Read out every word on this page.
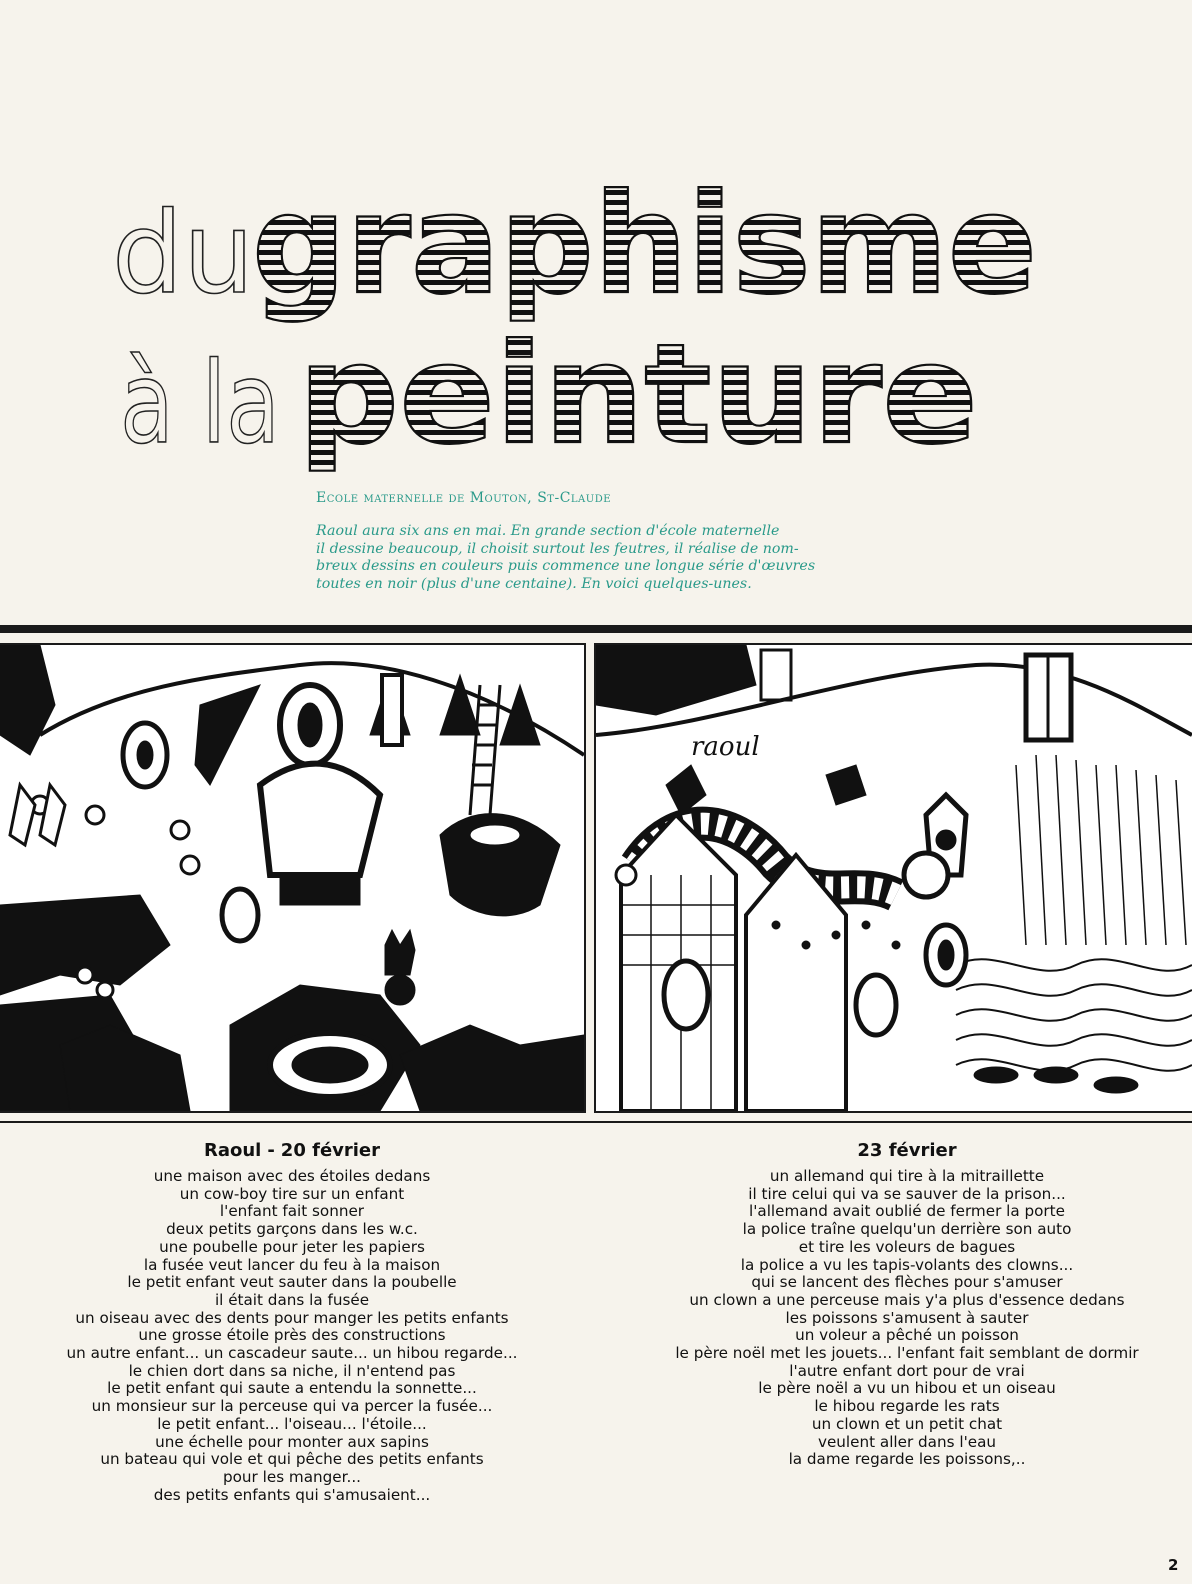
du
graphisme
à la peinture
Ecole maternelle de Mouton, St-Claude
Raoul aura six ans en mai. En grande section d'école maternelle
il dessine beaucoup, il choisit surtout les feutres, il réalise de nom-
breux dessins en couleurs puis commence une longue série d'œuvres
toutes en noir (plus d'une centaine). En voici quelques-unes.
raoul
Raoul - 20 février
une maison avec des étoiles dedans
un cow-boy tire sur un enfant
l'enfant fait sonner
deux petits garçons dans les w.c.
une poubelle pour jeter les papiers
la fusée veut lancer du feu à la maison
le petit enfant veut sauter dans la poubelle
il était dans la fusée
un oiseau avec des dents pour manger les petits enfants
une grosse étoile près des constructions
un autre enfant... un cascadeur saute... un hibou regarde...
le chien dort dans sa niche, il n'entend pas
le petit enfant qui saute a entendu la sonnette...
un monsieur sur la perceuse qui va percer la fusée...
le petit enfant... l'oiseau... l'étoile...
une échelle pour monter aux sapins
un bateau qui vole et qui pêche des petits enfants
pour les manger...
des petits enfants qui s'amusaient...
23 février
un allemand qui tire à la mitraillette
il tire celui qui va se sauver de la prison...
l'allemand avait oublié de fermer la porte
la police traîne quelqu'un derrière son auto
et tire les voleurs de bagues
la police a vu les tapis-volants des clowns...
qui se lancent des flèches pour s'amuser
un clown a une perceuse mais y'a plus d'essence dedans
les poissons s'amusent à sauter
un voleur a pêché un poisson
le père noël met les jouets... l'enfant fait semblant de dormir
l'autre enfant dort pour de vrai
le père noël a vu un hibou et un oiseau
le hibou regarde les rats
un clown et un petit chat
veulent aller dans l'eau
la dame regarde les poissons,..
2
